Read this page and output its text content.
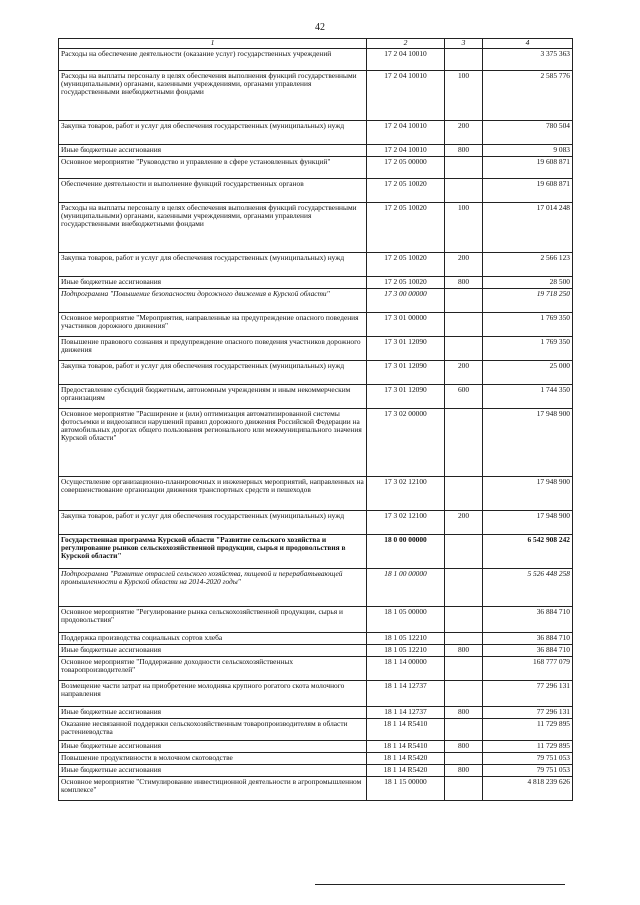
42
1	2	3	4
Расходы на обеспечение деятельности (оказание услуг) государственных учреждений	17 2 04 10010		3 375 363
Расходы на выплаты персоналу в целях обеспечения выполнения функций государственными (муниципальными) органами, казенными учреждениями, органами управления государственными внебюджетными фондами	17 2 04 10010	100	2 585 776
Закупка товаров, работ и услуг для обеспечения государственных (муниципальных) нужд	17 2 04 10010	200	780 504
Иные бюджетные ассигнования	17 2 04 10010	800	9 083
Основное мероприятие "Руководство и управление в сфере установленных функций"	17 2 05 00000		19 608 871
Обеспечение деятельности и выполнение функций государственных органов	17 2 05 10020		19 608 871
Расходы на выплаты персоналу в целях обеспечения выполнения функций государственными (муниципальными) органами, казенными учреждениями, органами управления государственными внебюджетными фондами	17 2 05 10020	100	17 014 248
Закупка товаров, работ и услуг для обеспечения государственных (муниципальных) нужд	17 2 05 10020	200	2 566 123
Иные бюджетные ассигнования	17 2 05 10020	800	28 500
Подпрограмма "Повышение безопасности дорожного движения в Курской области"	17 3 00 00000		19 718 250
Основное мероприятие "Мероприятия, направленные на предупреждение опасного поведения участников дорожного движения"	17 3 01 00000		1 769 350
Повышение правового сознания и предупреждение опасного поведения участников дорожного движения	17 3 01 12090		1 769 350
Закупка товаров, работ и услуг для обеспечения государственных (муниципальных) нужд	17 3 01 12090	200	25 000
Предоставление субсидий бюджетным, автономным учреждениям и иным некоммерческим организациям	17 3 01 12090	600	1 744 350
Основное мероприятие "Расширение и (или) оптимизация автоматизированной системы фотосъемки и видеозаписи нарушений правил дорожного движения Российской Федерации на автомобильных дорогах общего пользования регионального или межмуниципального значения Курской области"	17 3 02 00000		17 948 900
Осуществление организационно-планировочных и инженерных мероприятий, направленных на совершенствование организации движения транспортных средств и пешеходов	17 3 02 12100		17 948 900
Закупка товаров, работ и услуг для обеспечения государственных (муниципальных) нужд	17 3 02 12100	200	17 948 900
Государственная программа Курской области "Развитие сельского хозяйства и регулирование рынков сельскохозяйственной продукции, сырья и продовольствия в Курской области"	18 0 00 00000		6 542 908 242
Подпрограмма "Развитие отраслей сельского хозяйства, пищевой и перерабатывающей промышленности в Курской области на 2014-2020 годы"	18 1 00 00000		5 526 448 258
Основное мероприятие "Регулирование рынка сельскохозяйственной продукции, сырья и продовольствия"	18 1 05 00000		36 884 710
Поддержка производства социальных сортов хлеба	18 1 05 12210		36 884 710
Иные бюджетные ассигнования	18 1 05 12210	800	36 884 710
Основное мероприятие "Поддержание доходности сельскохозяйственных товаропроизводителей"	18 1 14 00000		168 777 079
Возмещение части затрат на приобретение молодняка крупного рогатого скота молочного направления	18 1 14 12737		77 296 131
Иные бюджетные ассигнования	18 1 14 12737	800	77 296 131
Оказание несвязанной поддержки сельскохозяйственным товаропроизводителям в области растениеводства	18 1 14 R5410		11 729 895
Иные бюджетные ассигнования	18 1 14 R5410	800	11 729 895
Повышение продуктивности в молочном скотоводстве	18 1 14 R5420		79 751 053
Иные бюджетные ассигнования	18 1 14 R5420	800	79 751 053
Основное мероприятие "Стимулирование инвестиционной деятельности в агропромышленном комплексе"	18 1 15 00000		4 818 239 626
